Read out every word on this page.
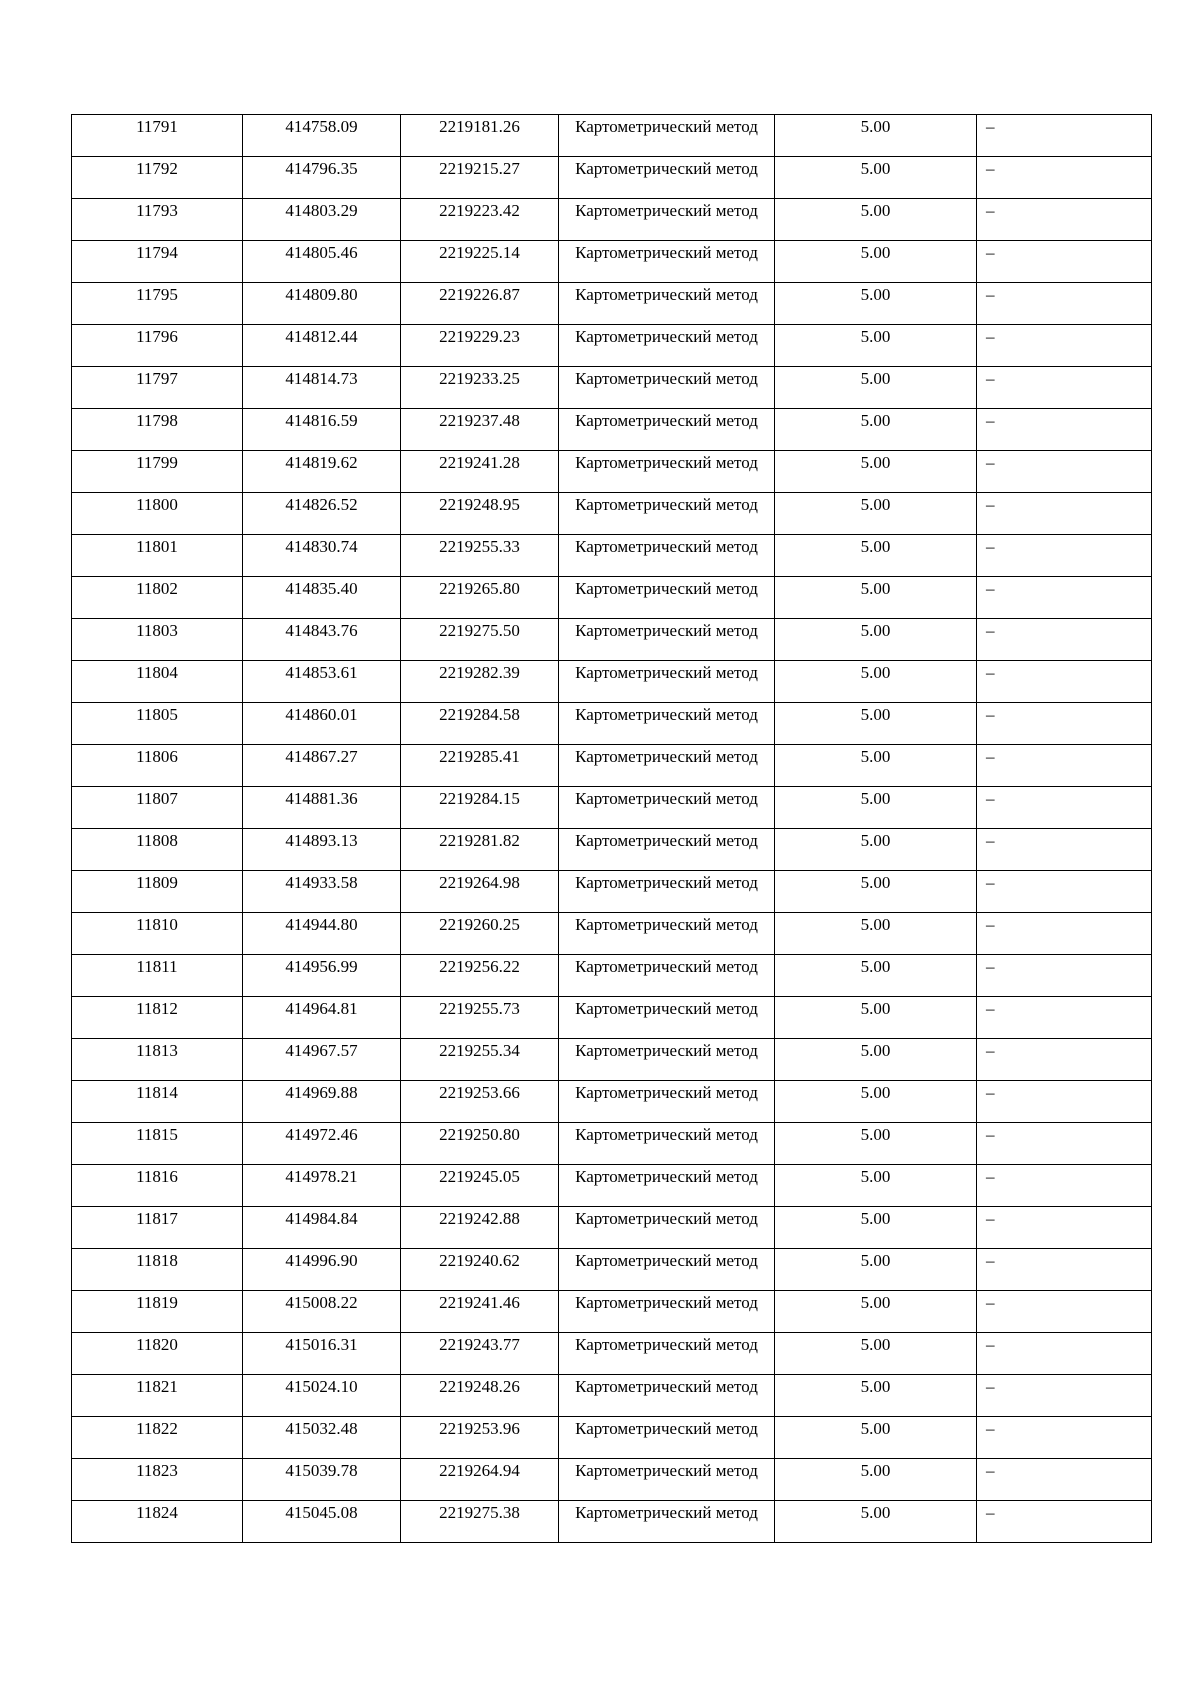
11791	414758.09	2219181.26	Картометрический метод	5.00	–

11792	414796.35	2219215.27	Картометрический метод	5.00	–

11793	414803.29	2219223.42	Картометрический метод	5.00	–

11794	414805.46	2219225.14	Картометрический метод	5.00	–

11795	414809.80	2219226.87	Картометрический метод	5.00	–

11796	414812.44	2219229.23	Картометрический метод	5.00	–

11797	414814.73	2219233.25	Картометрический метод	5.00	–

11798	414816.59	2219237.48	Картометрический метод	5.00	–

11799	414819.62	2219241.28	Картометрический метод	5.00	–

11800	414826.52	2219248.95	Картометрический метод	5.00	–

11801	414830.74	2219255.33	Картометрический метод	5.00	–

11802	414835.40	2219265.80	Картометрический метод	5.00	–

11803	414843.76	2219275.50	Картометрический метод	5.00	–

11804	414853.61	2219282.39	Картометрический метод	5.00	–

11805	414860.01	2219284.58	Картометрический метод	5.00	–

11806	414867.27	2219285.41	Картометрический метод	5.00	–

11807	414881.36	2219284.15	Картометрический метод	5.00	–

11808	414893.13	2219281.82	Картометрический метод	5.00	–

11809	414933.58	2219264.98	Картометрический метод	5.00	–

11810	414944.80	2219260.25	Картометрический метод	5.00	–

11811	414956.99	2219256.22	Картометрический метод	5.00	–

11812	414964.81	2219255.73	Картометрический метод	5.00	–

11813	414967.57	2219255.34	Картометрический метод	5.00	–

11814	414969.88	2219253.66	Картометрический метод	5.00	–

11815	414972.46	2219250.80	Картометрический метод	5.00	–

11816	414978.21	2219245.05	Картометрический метод	5.00	–

11817	414984.84	2219242.88	Картометрический метод	5.00	–

11818	414996.90	2219240.62	Картометрический метод	5.00	–

11819	415008.22	2219241.46	Картометрический метод	5.00	–

11820	415016.31	2219243.77	Картометрический метод	5.00	–

11821	415024.10	2219248.26	Картометрический метод	5.00	–

11822	415032.48	2219253.96	Картометрический метод	5.00	–

11823	415039.78	2219264.94	Картометрический метод	5.00	–

11824	415045.08	2219275.38	Картометрический метод	5.00	–
